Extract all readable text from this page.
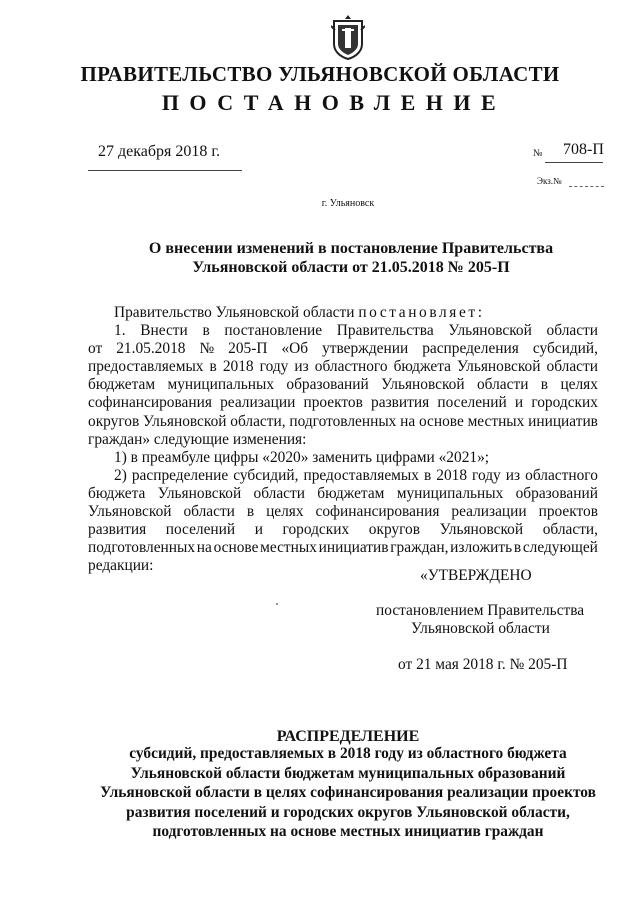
ПРАВИТЕЛЬСТВО УЛЬЯНОВСКОЙ ОБЛАСТИ
ПОСТАНОВЛЕНИЕ
27 декабря 2018 г.	№ 708-П
Экз.№
г. Ульяновск
О внесении изменений в постановление Правительства
Ульяновской области от 21.05.2018 № 205-П
Правительство Ульяновской области постановляет:
1. Внести в постановление Правительства Ульяновской области
от 21.05.2018 № 205-П «Об утверждении распределения субсидий,
предоставляемых в 2018 году из областного бюджета Ульяновской области
бюджетам муниципальных образований Ульяновской области в целях
софинансирования реализации проектов развития поселений и городских
округов Ульяновской области, подготовленных на основе местных инициатив
граждан» следующие изменения:
1) в преамбуле цифры «2020» заменить цифрами «2021»;
2) распределение субсидий, предоставляемых в 2018 году из областного
бюджета Ульяновской области бюджетам муниципальных образований
Ульяновской области в целях софинансирования реализации проектов
развития поселений и городских округов Ульяновской области,
подготовленных на основе местных инициатив граждан, изложить в следующей
редакции:
«УТВЕРЖДЕНО
постановлением Правительства
Ульяновской области
от 21 мая 2018 г. № 205-П
РАСПРЕДЕЛЕНИЕ
субсидий, предоставляемых в 2018 году из областного бюджета
Ульяновской области бюджетам муниципальных образований
Ульяновской области в целях софинансирования реализации проектов
развития поселений и городских округов Ульяновской области,
подготовленных на основе местных инициатив граждан
